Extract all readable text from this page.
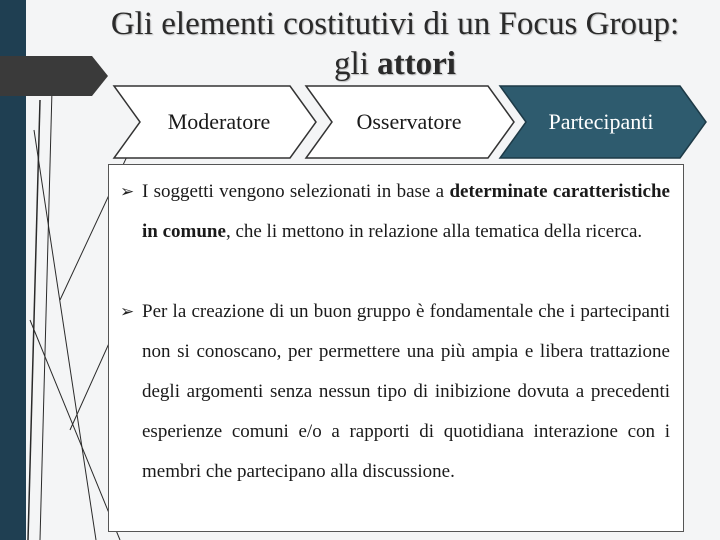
Gli elementi costitutivi di un Focus Group:
gli attori
Moderatore	Osservatore	Partecipanti
➢ I soggetti vengono selezionati in base a determinate caratteristiche in comune, che li mettono in relazione alla tematica della ricerca.
➢ Per la creazione di un buon gruppo è fondamentale che i partecipanti non si conoscano, per permettere una più ampia e libera trattazione degli argomenti senza nessun tipo di inibizione dovuta a precedenti esperienze comuni e/o a rapporti di quotidiana interazione con i membri che partecipano alla discussione.
